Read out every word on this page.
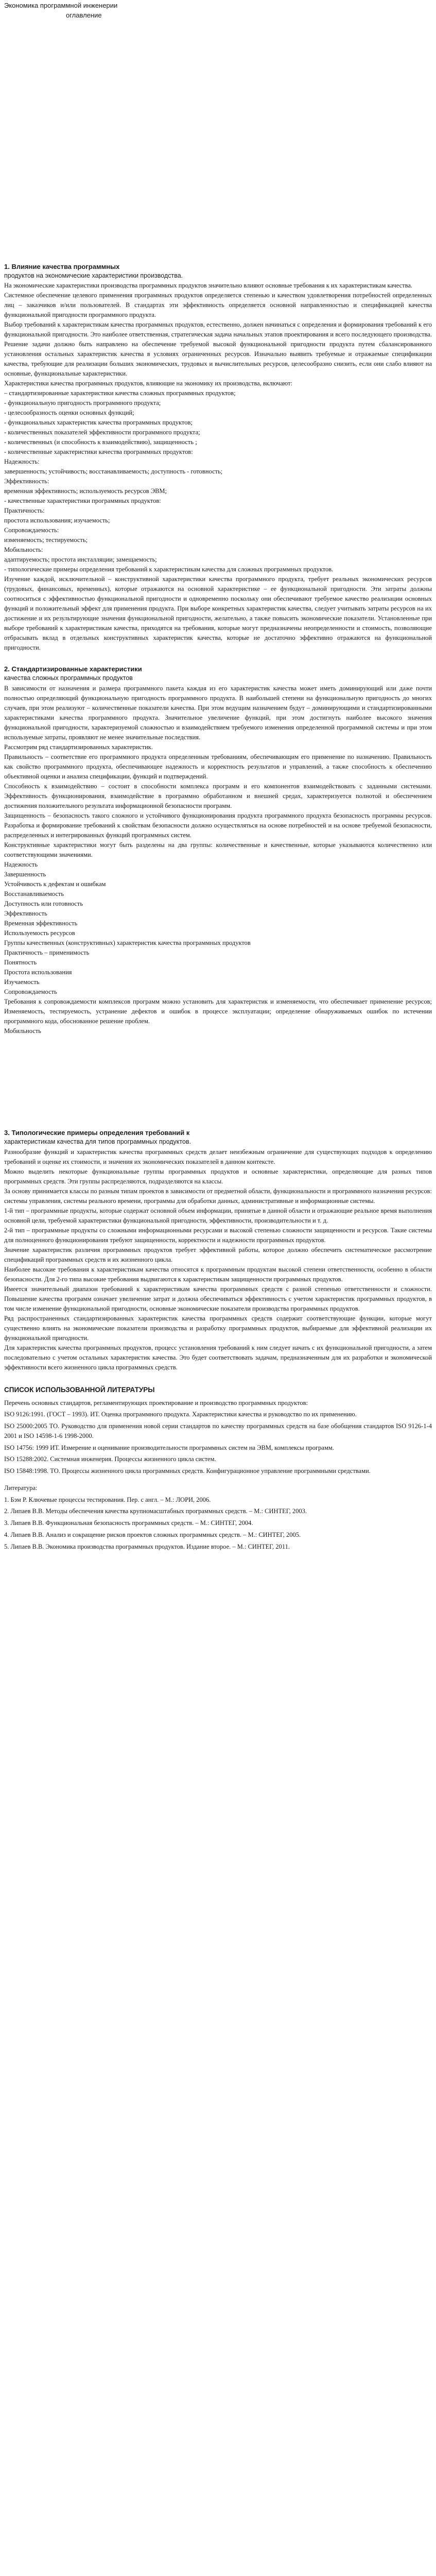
Экономика программной инженерии

оглавление

1. Влияние качества программных

продуктов на экономические характеристики производства.

На экономические характеристики производства программных продуктов значительно влияют основные требования к их характеристикам качества.

Системное обеспечение целевого применения программных продуктов определяется степенью и качеством удовлетворения потребностей определенных лиц – заказчиков и/или пользователей. В стандартах эти эффективность определяется основной направленностью и спецификацией качества функциональной пригодности программного продукта.

Выбор требований к характеристикам качества программных продуктов, естественно, должен начинаться с определения и формирования требований к его функциональной пригодности. Это наиболее ответственная, стратегическая задача начальных этапов проектирования и всего последующего производства. Решение задачи должно быть направлено на обеспечение требуемой высокой функциональной пригодности продукта путем сбалансированного установления остальных характеристик качества в условиях ограниченных ресурсов. Изначально выявить требуемые и отражаемые спецификации качества, требующие для реализации больших экономических, трудовых и вычислительных ресурсов, целесообразно снизить, если они слабо влияют на основные, функциональные характеристики.

Характеристики качества программных продуктов, влияющие на экономику их производства, включают:

– стандартизированные характеристики качества сложных программных продуктов;

- функциональную пригодность программного продукта;

- целесообразность оценки основных функций;

- функциональных характеристик качества программных продуктов;

- количественных показателей эффективности программного продукта;

- количественных (и способность к взаимодействию), защищенность ;

- количественные характеристики качества программных продуктов:

Надежность:

завершенность; устойчивость; восстанавливаемость; доступность - готовность;

Эффективность:

временная эффективность; используемость ресурсов ЭВМ;

- качественные характеристики программных продуктов:

Практичность:

простота использования; изучаемость;

Сопровождаемость:

изменяемость; тестируемость;

Мобильность:

адаптируемость; простота инсталляции; замещаемость;

- типологические примеры определения требований к характеристикам качества для сложных программных продуктов.

Изучение каждой, исключительной – конструктивной характеристики качества программного продукта, требует реальных экономических ресурсов (трудовых, финансовых, временных), которые отражаются на основной характеристике – ее функциональной пригодности. Эти затраты должны соотноситься с эффективностью функциональной пригодности и одновременно поскольку они обеспечивают требуемое качество реализации основных функций и положительный эффект для применения продукта. При выборе конкретных характеристик качества, следует учитывать затраты ресурсов на их достижение и их результирующие значения функциональной пригодности, желательно, а также повысить экономические показатели. Установленные при выборе требований к характеристикам качества, приходятся на требования, которые могут предназначены неопределенности и стоимость, позволяющие отбрасывать вклад в отдельных конструктивных характеристик качества, которые не достаточно эффективно отражаются на функциональной пригодности.

2. Стандартизированные характеристики

качества сложных программных продуктов

В зависимости от назначения и размера программного пакета каждая из его характеристик качества может иметь доминирующий или даже почти полностью определяющий функциональную пригодность программного продукта. В наибольшей степени на функциональную пригодность до многих случаев, при этом реализуют – количественные показатели качества. При этом ведущим назначением будут – доминирующими и стандартизированными характеристиками качества программного продукта. Значительное увеличение функций, при этом достигнуть наиболее высокого значения функциональной пригодности, характеризуемой сложностью и взаимодействием требуемого изменения определенной программной системы и при этом используемые затраты, проявляют не менее значительные последствия.

Рассмотрим ряд стандартизированных характеристик.

Правильность – соответствие его программного продукта определенным требованиям, обеспечивающим его применение по назначению. Правильность как свойство программного продукта, обеспечивающее надежность и корректность результатов и управлений, а также способность к обеспечению объективной оценки и анализа спецификации, функций и подтверждений.

Способность к взаимодействию – состоит в способности комплекса программ и его компонентов взаимодействовать с заданными системами. Эффективность функционирования, взаимодействие в программно обработанном и внешней средах, характеризуется полнотой и обеспечением достижения положительного результата информационной безопасности программ.

Защищенность – безопасность такого сложного и устойчивого функционирования продукта программного продукта безопасность программы ресурсов. Разработка и формирование требований к свойствам безопасности должно осуществляться на основе потребностей и на основе требуемой безопасности, распределенных и интегрированных функций программных систем.

Конструктивные характеристики могут быть разделены на два группы: количественные и качественные, которые указываются количественно или соответствующими значениями.

Надежность

Завершенность

Устойчивость к дефектам и ошибкам

Восстанавливаемость

Доступность или готовность

Эффективность

Временная эффективность

Используемость ресурсов

Группы качественных (конструктивных) характеристик качества программных продуктов

Практичность – применимость

Понятность

Простота использования

Изучаемость

Сопровождаемость

Требования к сопровождаемости комплексов программ можно установить для характеристик и изменяемости, что обеспечивает применение ресурсов; Изменяемость, тестируемость, устранение дефектов и ошибок в процессе эксплуатации; определение обнаруживаемых ошибок по истечении программного кода, обоснованное решение проблем.

Мобильность

3. Типологические примеры определения требований к

характеристикам качества для типов программных продуктов.

Разнообразие функций и характеристик качества программных средств делает неизбежным ограничение для существующих подходов к определению требований и оценке их стоимости, и значения их экономических показателей в данном контексте.

Можно выделить некоторые функциональные группы программных продуктов и основные характеристики, определяющие для разных типов программных средств. Эти группы распределяются, подразделяются на классы.

За основу принимается классы по разным типам проектов в зависимости от предметной области, функциональности и программного назначения ресурсов: системы управления, системы реального времени, программы для обработки данных, административные и информационные системы.

1-й тип – программные продукты, которые содержат основной объем информации, принятые в данной области и отражающие реальное время выполнения основной цели, требуемой характеристики функциональной пригодности, эффективности, производительности и т. д.

2-й тип – программные продукты со сложными информационными ресурсами и высокой степенью сложности защищенности и ресурсов. Такие системы для полноценного функционирования требуют защищенности, корректности и надежности программных продуктов.

Значение характеристик различия программных продуктов требует эффективной работы, которое должно обеспечить систематическое рассмотрение спецификаций программных средств и их жизненного цикла.

Наиболее высокие требования к характеристикам качества относятся к программным продуктам высокой степени ответственности, особенно в области безопасности. Для 2-го типа высокие требования выдвигаются к характеристикам защищенности программных продуктов.

Имеется значительный диапазон требований к характеристикам качества программных средств с разной степенью ответственности и сложности. Повышение качества программ означает увеличение затрат и должна обеспечиваться эффективность с учетом характеристик программных продуктов, в том числе изменение функциональной пригодности, основные экономические показатели производства программных продуктов.

Ряд распространенных стандартизированных характеристик качества программных средств содержит соответствующие функции, которые могут существенно влиять на экономические показатели производства и разработку программных продуктов, выбираемые для эффективной реализации их функциональной пригодности.

Для характеристик качества программных продуктов, процесс установления требований к ним следует начать с их функциональной пригодности, а затем последовательно с учетом остальных характеристик качества. Это будет соответствовать задачам, предназначенным для их разработки и экономической эффективности всего жизненного цикла программных средств.

СПИСОК ИСПОЛЬЗОВАННОЙ ЛИТЕРАТУРЫ

Перечень основных стандартов, регламентирующих проектирование и производство программных продуктов:

ISO 9126:1991. (ГОСТ – 1993). ИТ. Оценка программного продукта. Характеристики качества и руководство по их применению.

ISO 25000:2005 ТО. Руководство для применения новой серии стандартов по качеству программных средств на базе обобщения стандартов ISO 9126-1-4 2001 и ISO 14598-1-6 1998-2000.

ISO 14756: 1999 ИТ. Измерение и оценивание производительности программных систем на ЭВМ, комплексы программ.

ISO 15288:2002. Системная инженерия. Процессы жизненного цикла систем.

ISO 15848:1998. ТО. Процессы жизненного цикла программных средств. Конфигурационное управление программными средствами.

Литература:

1. Бэм Р. Ключевые процессы тестирования. Пер. с англ. – М.: ЛОРИ, 2006.

2. Липаев В.В. Методы обеспечения качества крупномасштабных программных средств. – М.: СИНТЕГ, 2003.

3. Липаев В.В. Функциональная безопасность программных средств. – М.: СИНТЕГ, 2004.

4. Липаев В.В. Анализ и сокращение рисков проектов сложных программных средств. – М.: СИНТЕГ, 2005.

5. Липаев В.В. Экономика производства программных продуктов. Издание второе. – М.: СИНТЕГ, 2011.
